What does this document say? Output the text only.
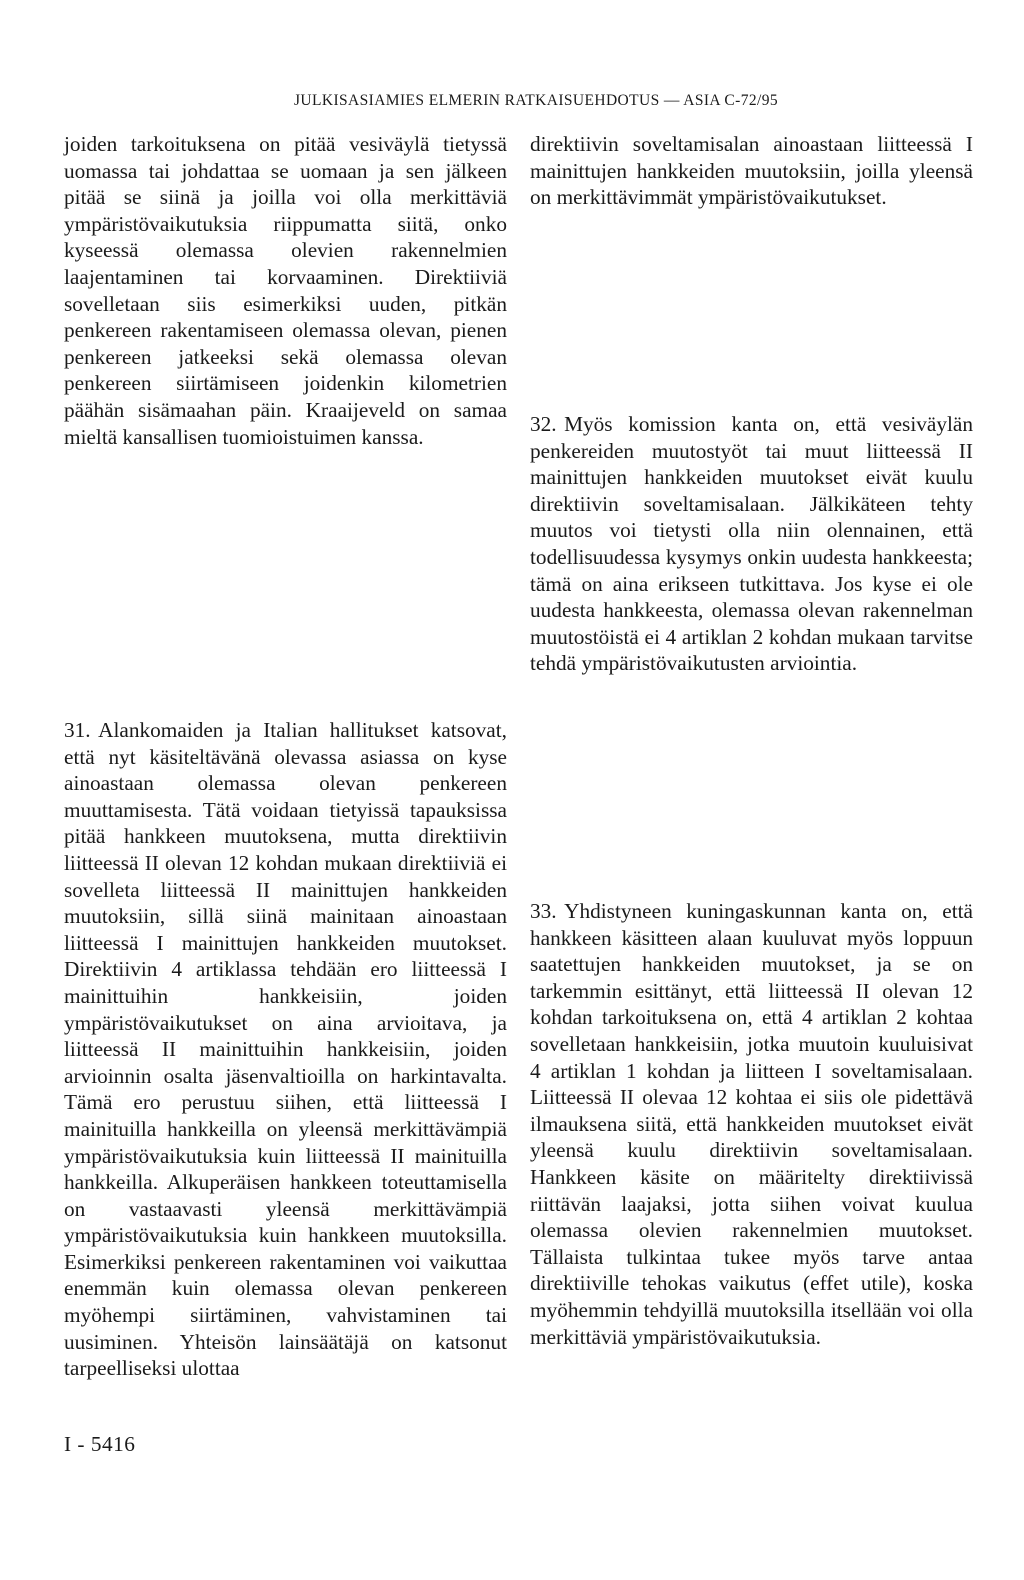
JULKISASIAMIES ELMERIN RATKAISUEHDOTUS — ASIA C-72/95

joiden tarkoituksena on pitää vesiväylä tietyssä uomassa tai johdattaa se uomaan ja sen jälkeen pitää se siinä ja joilla voi olla merkittäviä ympäristövaikutuksia riippumatta siitä, onko kyseessä olemassa olevien rakennelmien laajentaminen tai korvaaminen. Direktiiviä sovelletaan siis esimerkiksi uuden, pitkän penkereen rakentamiseen olemassa olevan, pienen penkereen jatkeeksi sekä olemassa olevan penkereen siirtämiseen joidenkin kilometrien päähän sisämaahan päin. Kraaijeveld on samaa mieltä kansallisen tuomioistuimen kanssa.

31. Alankomaiden ja Italian hallitukset katsovat, että nyt käsiteltävänä olevassa asiassa on kyse ainoastaan olemassa olevan penkereen muuttamisesta. Tätä voidaan tietyissä tapauksissa pitää hankkeen muutoksena, mutta direktiivin liitteessä II olevan 12 kohdan mukaan direktiiviä ei sovelleta liitteessä II mainittujen hankkeiden muutoksiin, sillä siinä mainitaan ainoastaan liitteessä I mainittujen hankkeiden muutokset. Direktiivin 4 artiklassa tehdään ero liitteessä I mainittuihin hankkeisiin, joiden ympäristövaikutukset on aina arvioitava, ja liitteessä II mainittuihin hankkeisiin, joiden arvioinnin osalta jäsenvaltioilla on harkintavalta. Tämä ero perustuu siihen, että liitteessä I mainituilla hankkeilla on yleensä merkittävämpiä ympäristövaikutuksia kuin liitteessä II mainituilla hankkeilla. Alkuperäisen hankkeen toteuttamisella on vastaavasti yleensä merkittävämpiä ympäristövaikutuksia kuin hankkeen muutoksilla. Esimerkiksi penkereen rakentaminen voi vaikuttaa enemmän kuin olemassa olevan penkereen myöhempi siirtäminen, vahvistaminen tai uusiminen. Yhteisön lainsäätäjä on katsonut tarpeelliseksi ulottaa

direktiivin soveltamisalan ainoastaan liitteessä I mainittujen hankkeiden muutoksiin, joilla yleensä on merkittävimmät ympäristövaikutukset.

32. Myös komission kanta on, että vesiväylän penkereiden muutostyöt tai muut liitteessä II mainittujen hankkeiden muutokset eivät kuulu direktiivin soveltamisalaan. Jälkikäteen tehty muutos voi tietysti olla niin olennainen, että todellisuudessa kysymys onkin uudesta hankkeesta; tämä on aina erikseen tutkittava. Jos kyse ei ole uudesta hankkeesta, olemassa olevan rakennelman muutostöistä ei 4 artiklan 2 kohdan mukaan tarvitse tehdä ympäristövaikutusten arviointia.

33. Yhdistyneen kuningaskunnan kanta on, että hankkeen käsitteen alaan kuuluvat myös loppuun saatettujen hankkeiden muutokset, ja se on tarkemmin esittänyt, että liitteessä II olevan 12 kohdan tarkoituksena on, että 4 artiklan 2 kohtaa sovelletaan hankkeisiin, jotka muutoin kuuluisivat 4 artiklan 1 kohdan ja liitteen I soveltamisalaan. Liitteessä II olevaa 12 kohtaa ei siis ole pidettävä ilmauksena siitä, että hankkeiden muutokset eivät yleensä kuulu direktiivin soveltamisalaan. Hankkeen käsite on määritelty direktiivissä riittävän laajaksi, jotta siihen voivat kuulua olemassa olevien rakennelmien muutokset. Tällaista tulkintaa tukee myös tarve antaa direktiiville tehokas vaikutus (effet utile), koska myöhemmin tehdyillä muutoksilla itsellään voi olla merkittäviä ympäristövaikutuksia.

I - 5416
